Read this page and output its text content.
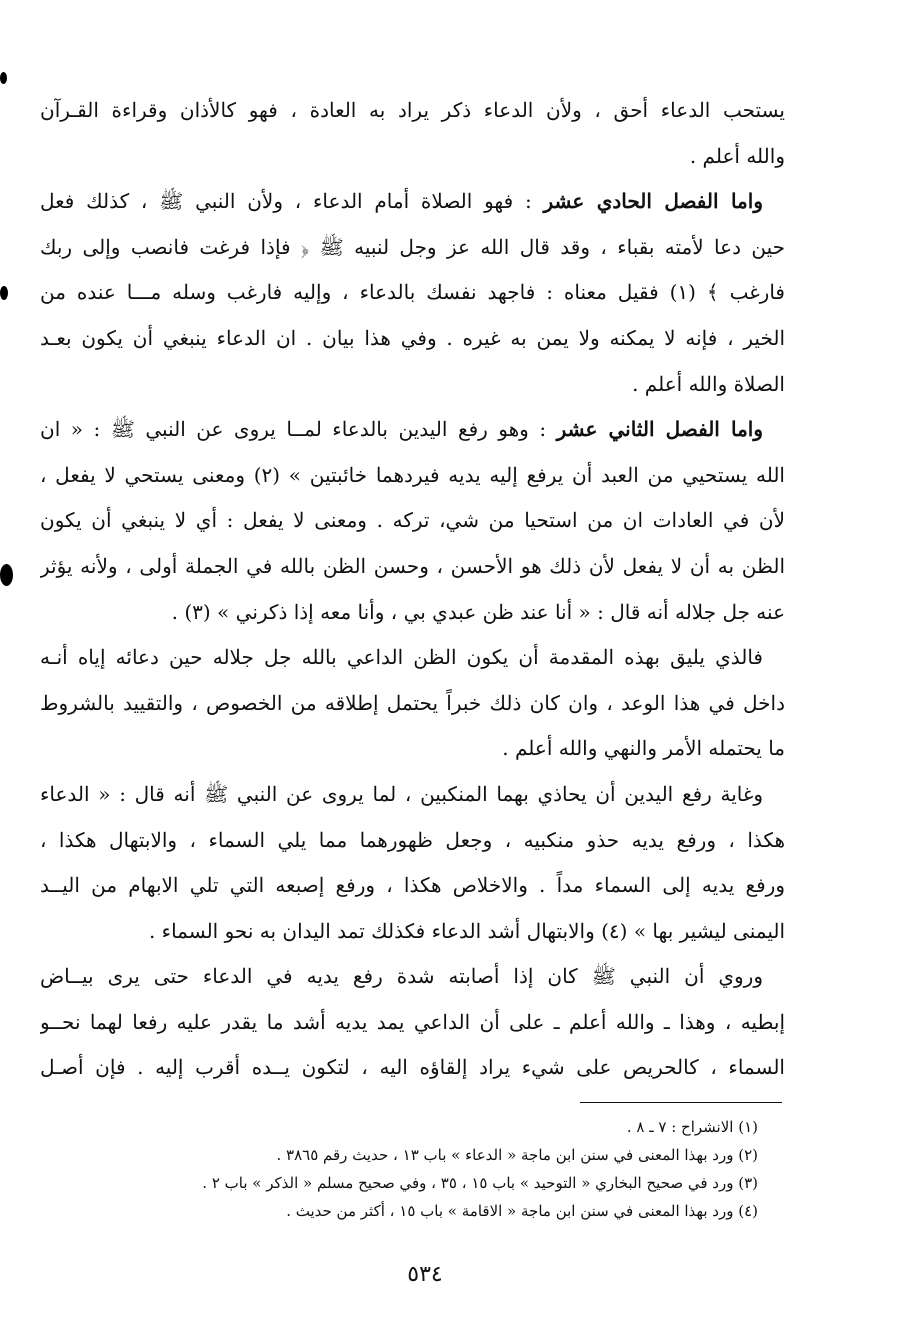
يستحب الدعاء أحق ، ولأن الدعاء ذكر يراد به العادة ، فهو كالأذان وقراءة القـرآن
والله أعلم .
واما الفصل الحادي عشر : فهو الصلاة أمام الدعاء ، ولأن النبي ﷺ ، كذلك فعل
حين دعا لأمته بقباء ، وقد قال الله عز وجل لنبيه ﷺ ﴿ فإذا فرغت فانصب وإلى ربك
فارغب ﴾ (١) فقيل معناه : فاجهد نفسك بالدعاء ، وإليه فارغب وسله مـــا عنده من
الخير ، فإنه لا يمكنه ولا يمن به غيره . وفي هذا بيان . ان الدعاء ينبغي أن يكون بعـد
الصلاة والله أعلم .
واما الفصل الثاني عشر : وهو رفع اليدين بالدعاء لمــا يروى عن النبي ﷺ : « ان
الله يستحيي من العبد أن يرفع إليه يديه فيردهما خائبتين » (٢) ومعنى يستحي لا يفعل ،
لأن في العادات ان من استحيا من شي، تركه . ومعنى لا يفعل : أي لا ينبغي أن يكون
الظن به أن لا يفعل لأن ذلك هو الأحسن ، وحسن الظن بالله في الجملة أولى ، ولأنه يؤثر
عنه جل جلاله أنه قال : « أنا عند ظن عبدي بي ، وأنا معه إذا ذكرني » (٣) .
فالذي يليق بهذه المقدمة أن يكون الظن الداعي بالله جل جلاله حين دعائه إياه أنـه
داخل في هذا الوعد ، وان كان ذلك خبراً يحتمل إطلاقه من الخصوص ، والتقييد بالشروط
ما يحتمله الأمر والنهي والله أعلم .
وغاية رفع اليدين أن يحاذي بهما المنكبين ، لما يروى عن النبي ﷺ أنه قال : « الدعاء
هكذا ، ورفع يديه حذو منكبيه ، وجعل ظهورهما مما يلي السماء ، والابتهال هكذا ،
ورفع يديه إلى السماء مداً . والاخلاص هكذا ، ورفع إصبعه التي تلي الابهام من اليــد
اليمنى ليشير بها » (٤) والابتهال أشد الدعاء فكذلك تمد اليدان به نحو السماء .
وروي أن النبي ﷺ كان إذا أصابته شدة رفع يديه في الدعاء حتى يرى بيــاض
إبطيه ، وهذا ـ والله أعلم ـ على أن الداعي يمد يديه أشد ما يقدر عليه رفعا لهما نحــو
السماء ، كالحريص على شيء يراد إلقاؤه اليه ، لتكون يــده أقرب إليه . فإن أصـل
(١) الانشراح : ٧ ـ ٨ .
(٢) ورد بهذا المعنى في سنن ابن ماجة « الدعاء » باب ١٣ ، حديث رقم ٣٨٦٥ .
(٣) ورد في صحيح البخاري « التوحيد » باب ١٥ ، ٣٥ ، وفي صحيح مسلم « الذكر » باب ٢ .
(٤) ورد بهذا المعنى في سنن ابن ماجة « الاقامة » باب ١٥ ، أكثر من حديث .
٥٣٤
